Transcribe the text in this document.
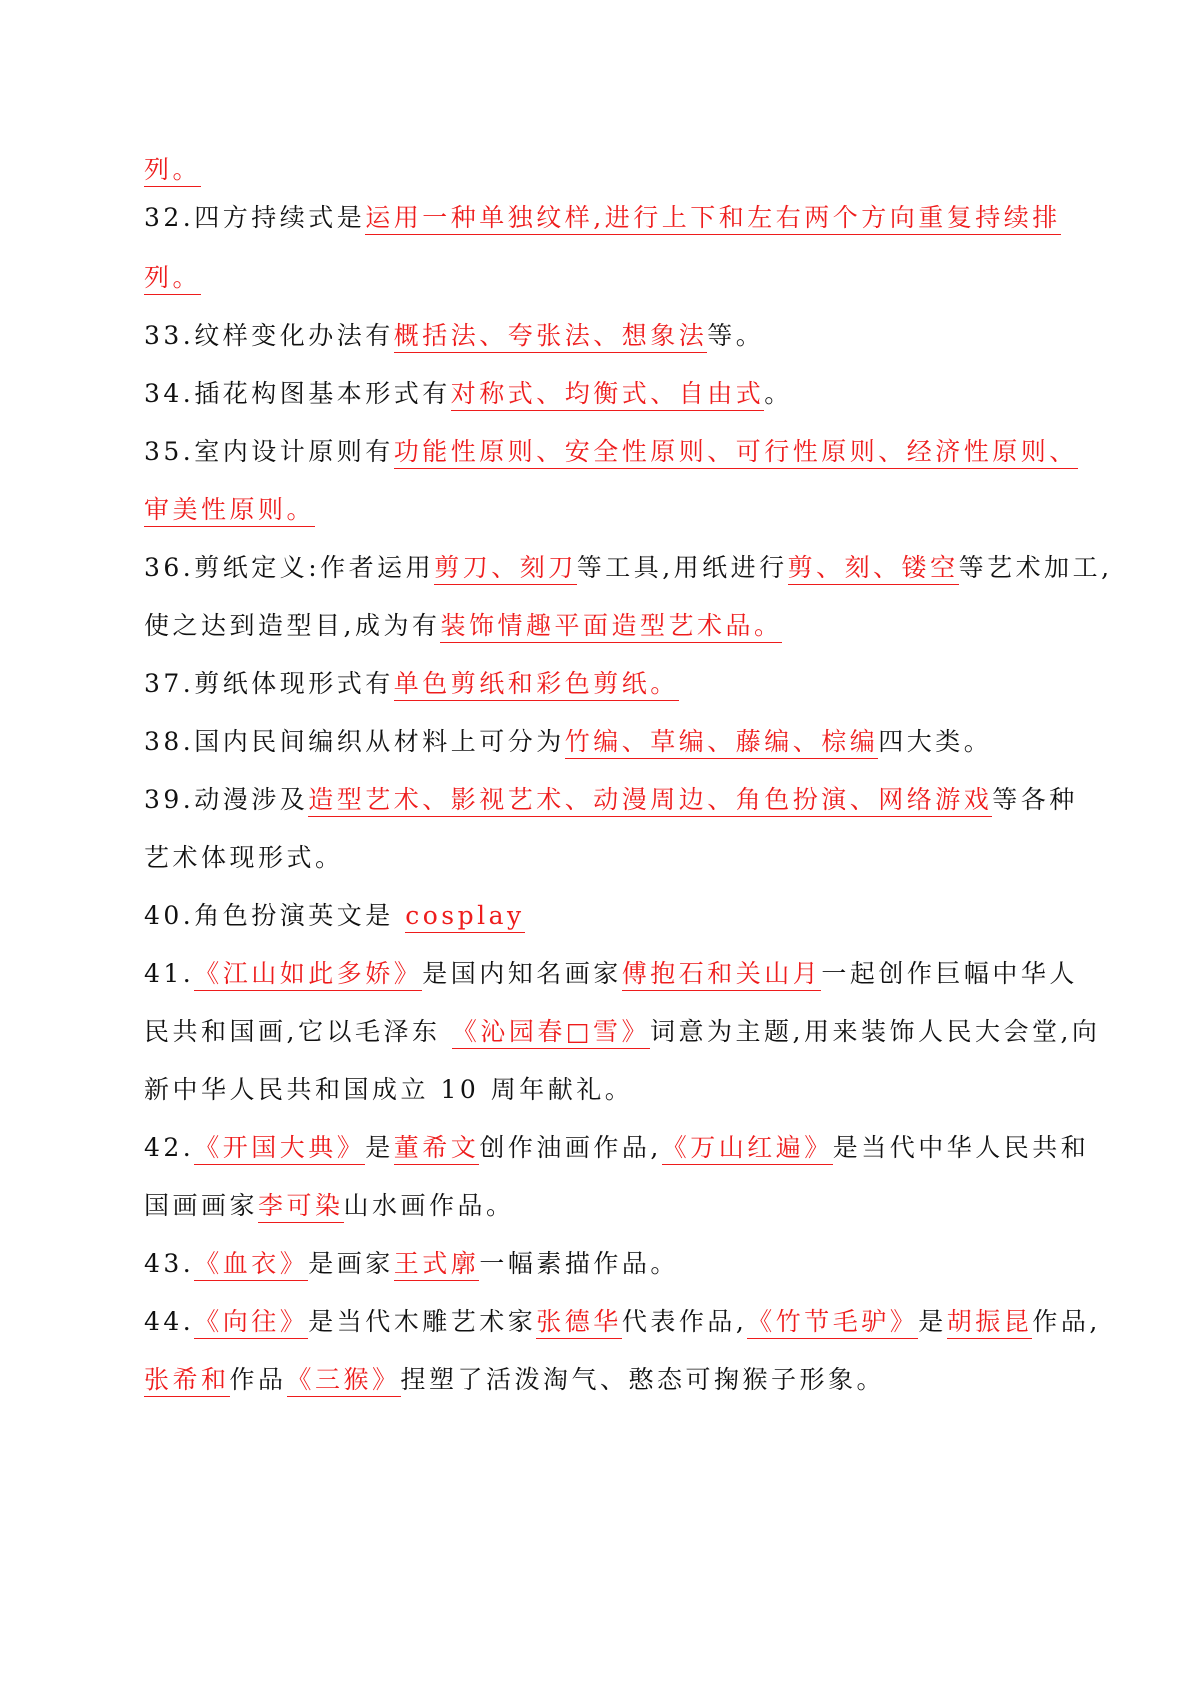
列。
32.四方持续式是运用一种单独纹样,进行上下和左右两个方向重复持续排
列。
33.纹样变化办法有概括法、夸张法、想象法等。
34.插花构图基本形式有对称式、均衡式、自由式。
35.室内设计原则有功能性原则、安全性原则、可行性原则、经济性原则、
审美性原则。
36.剪纸定义:作者运用剪刀、刻刀等工具,用纸进行剪、刻、镂空等艺术加工,
使之达到造型目,成为有装饰情趣平面造型艺术品。
37.剪纸体现形式有单色剪纸和彩色剪纸。
38.国内民间编织从材料上可分为竹编、草编、藤编、棕编四大类。
39.动漫涉及造型艺术、影视艺术、动漫周边、角色扮演、网络游戏等各种
艺术体现形式。
40.角色扮演英文是 cosplay
41.《江山如此多娇》是国内知名画家傅抱石和关山月一起创作巨幅中华人
民共和国画,它以毛泽东 《沁园春□雪》词意为主题,用来装饰人民大会堂,向
新中华人民共和国成立 10 周年献礼。
42.《开国大典》是董希文创作油画作品,《万山红遍》是当代中华人民共和
国画画家李可染山水画作品。
43.《血衣》是画家王式廓一幅素描作品。
44.《向往》是当代木雕艺术家张德华代表作品,《竹节毛驴》是胡振昆作品,
张希和作品《三猴》捏塑了活泼淘气、憨态可掬猴子形象。
